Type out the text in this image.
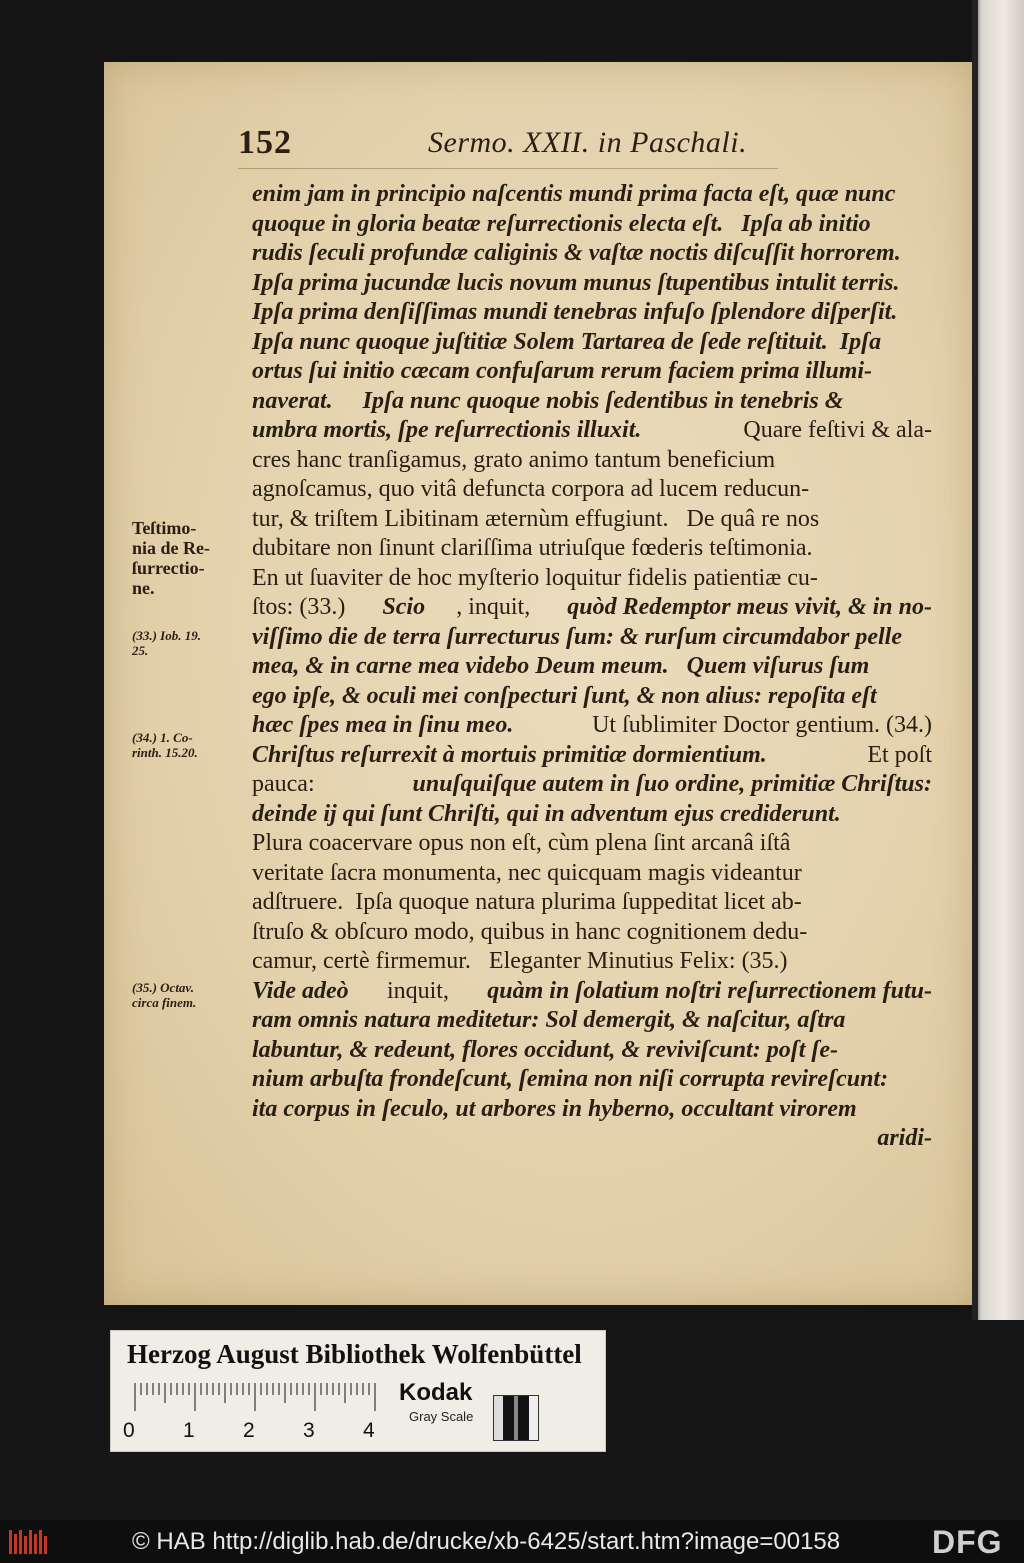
152	Sermo. XXII. in Paschali.
enim jam in principio naſcentis mundi prima facta eſt, quæ nunc
quoque in gloria beatæ reſurrectionis electa eſt.   Ipſa ab initio
rudis ſeculi profundæ caliginis & vaſtæ noctis diſcuſſit horrorem.
Ipſa prima jucundæ lucis novum munus ſtupentibus intulit terris.
Ipſa prima denſiſſimas mundi tenebras infuſo ſplendore diſperſit.
Ipſa nunc quoque juſtitiæ Solem Tartarea de ſede reſtituit.  Ipſa
ortus ſui initio cæcam confuſarum rerum faciem prima illumi-
naverat.     Ipſa nunc quoque nobis ſedentibus in tenebris &
umbra mortis, ſpe reſurrectionis illuxit.	Quare feſtivi & ala-
cres hanc tranſigamus, grato animo tantum beneficium
agnoſcamus, quo vitâ defuncta corpora ad lucem reducun-
tur, & triſtem Libitinam æternùm effugiunt.   De quâ re nos
dubitare non ſinunt clariſſima utriuſque fœderis teſtimonia.
En ut ſuaviter de hoc myſterio loquitur fidelis patientiæ cu-
ſtos: (33.) Scio , inquit, quòd Redemptor meus vivit, & in no-
viſſimo die de terra ſurrecturus ſum: & rurſum circumdabor pelle
mea, & in carne mea videbo Deum meum.   Quem viſurus ſum
ego ipſe, & oculi mei conſpecturi ſunt, & non alius: repoſita eſt
hæc ſpes mea in ſinu meo.	Ut ſublimiter Doctor gentium. (34.)
Chriſtus reſurrexit à mortuis primitiæ dormientium.	Et poſt
pauca:	unuſquiſque autem in ſuo ordine, primitiæ Chriſtus:
deinde ij qui ſunt Chriſti, qui in adventum ejus crediderunt.
Plura coacervare opus non eſt, cùm plena ſint arcanâ iſtâ
veritate ſacra monumenta, nec quicquam magis videantur
adſtruere.  Ipſa quoque natura plurima ſuppeditat licet ab-
ſtruſo & obſcuro modo, quibus in hanc cognitionem dedu-
camur, certè firmemur.   Eleganter Minutius Felix: (35.)
Vide adeò inquit, quàm in ſolatium noſtri reſurrectionem futu-
ram omnis natura meditetur: Sol demergit, & naſcitur, aſtra
labuntur, & redeunt, flores occidunt, & reviviſcunt: poſt ſe-
nium arbuſta frondeſcunt, ſemina non niſi corrupta revireſcunt:
ita corpus in ſeculo, ut arbores in hyberno, occultant virorem
aridi-
Teſtimo-
nia de Re-
ſurrectio-
ne.
(33.) Iob. 19.
25.
(34.) 1. Co-
rinth. 15.20.
(35.) Octav.
circa finem.
Herzog August Bibliothek Wolfenbüttel
0 1 2 3 4
Kodak
Gray Scale
© HAB http://diglib.hab.de/drucke/xb-6425/start.htm?image=00158	DFG
